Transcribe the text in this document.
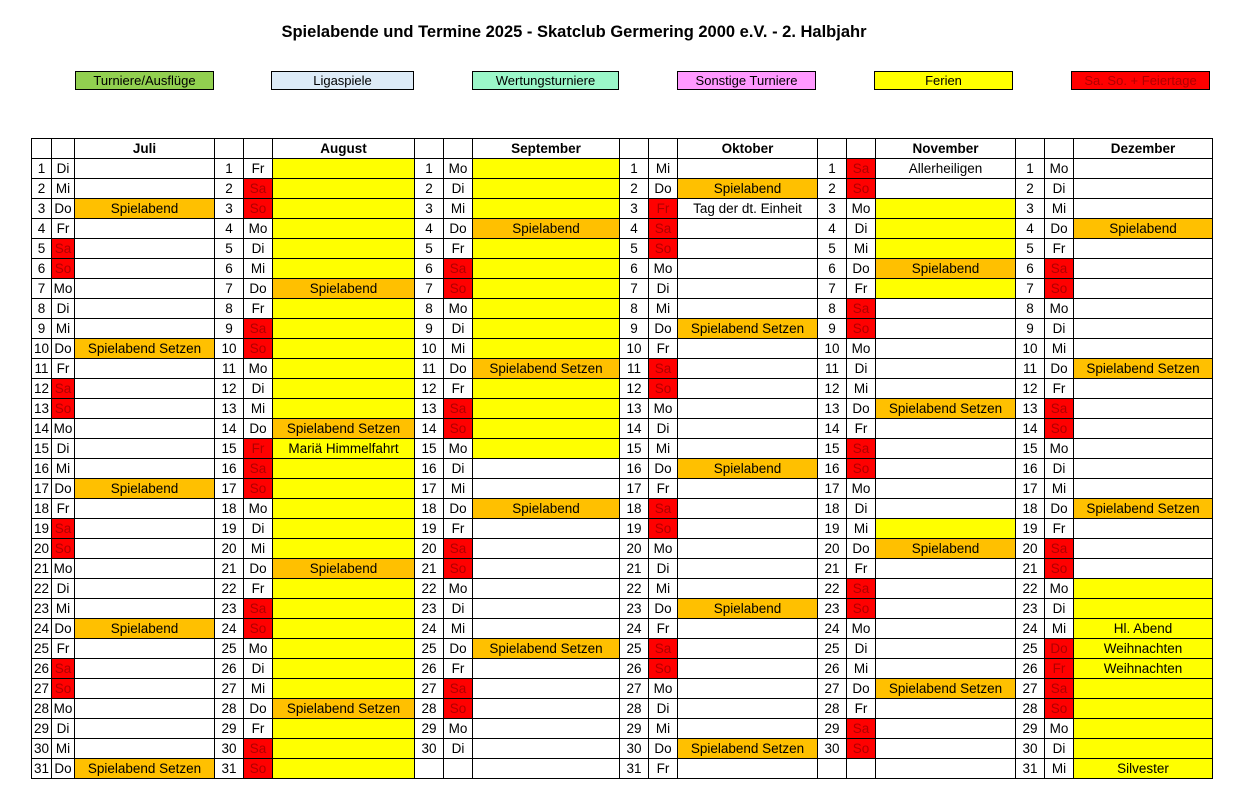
Spielabende und Termine 2025 - Skatclub Germering 2000 e.V. - 2. Halbjahr
Turniere/Ausflüge	Ligaspiele	Wertungsturniere	Sonstige Turniere	Ferien	Sa. So. + Feiertage
		Juli			August			September			Oktober			November			Dezember
1	Di		1	Fr		1	Mo		1	Mi		1	Sa	Allerheiligen	1	Mo	
2	Mi		2	Sa		2	Di		2	Do	Spielabend	2	So		2	Di	
3	Do	Spielabend	3	So		3	Mi		3	Fr	Tag der dt. Einheit	3	Mo		3	Mi	
4	Fr		4	Mo		4	Do	Spielabend	4	Sa		4	Di		4	Do	Spielabend
5	Sa		5	Di		5	Fr		5	So		5	Mi		5	Fr	
6	So		6	Mi		6	Sa		6	Mo		6	Do	Spielabend	6	Sa	
7	Mo		7	Do	Spielabend	7	So		7	Di		7	Fr		7	So	
8	Di		8	Fr		8	Mo		8	Mi		8	Sa		8	Mo	
9	Mi		9	Sa		9	Di		9	Do	Spielabend Setzen	9	So		9	Di	
10	Do	Spielabend Setzen	10	So		10	Mi		10	Fr		10	Mo		10	Mi	
11	Fr		11	Mo		11	Do	Spielabend Setzen	11	Sa		11	Di		11	Do	Spielabend Setzen
12	Sa		12	Di		12	Fr		12	So		12	Mi		12	Fr	
13	So		13	Mi		13	Sa		13	Mo		13	Do	Spielabend Setzen	13	Sa	
14	Mo		14	Do	Spielabend Setzen	14	So		14	Di		14	Fr		14	So	
15	Di		15	Fr	Mariä Himmelfahrt	15	Mo		15	Mi		15	Sa		15	Mo	
16	Mi		16	Sa		16	Di		16	Do	Spielabend	16	So		16	Di	
17	Do	Spielabend	17	So		17	Mi		17	Fr		17	Mo		17	Mi	
18	Fr		18	Mo		18	Do	Spielabend	18	Sa		18	Di		18	Do	Spielabend Setzen
19	Sa		19	Di		19	Fr		19	So		19	Mi		19	Fr	
20	So		20	Mi		20	Sa		20	Mo		20	Do	Spielabend	20	Sa	
21	Mo		21	Do	Spielabend	21	So		21	Di		21	Fr		21	So	
22	Di		22	Fr		22	Mo		22	Mi		22	Sa		22	Mo	
23	Mi		23	Sa		23	Di		23	Do	Spielabend	23	So		23	Di	
24	Do	Spielabend	24	So		24	Mi		24	Fr		24	Mo		24	Mi	Hl. Abend
25	Fr		25	Mo		25	Do	Spielabend Setzen	25	Sa		25	Di		25	Do	Weihnachten
26	Sa		26	Di		26	Fr		26	So		26	Mi		26	Fr	Weihnachten
27	So		27	Mi		27	Sa		27	Mo		27	Do	Spielabend Setzen	27	Sa	
28	Mo		28	Do	Spielabend Setzen	28	So		28	Di		28	Fr		28	So	
29	Di		29	Fr		29	Mo		29	Mi		29	Sa		29	Mo	
30	Mi		30	Sa		30	Di		30	Do	Spielabend Setzen	30	So		30	Di	
31	Do	Spielabend Setzen	31	So					31	Fr					31	Mi	Silvester
